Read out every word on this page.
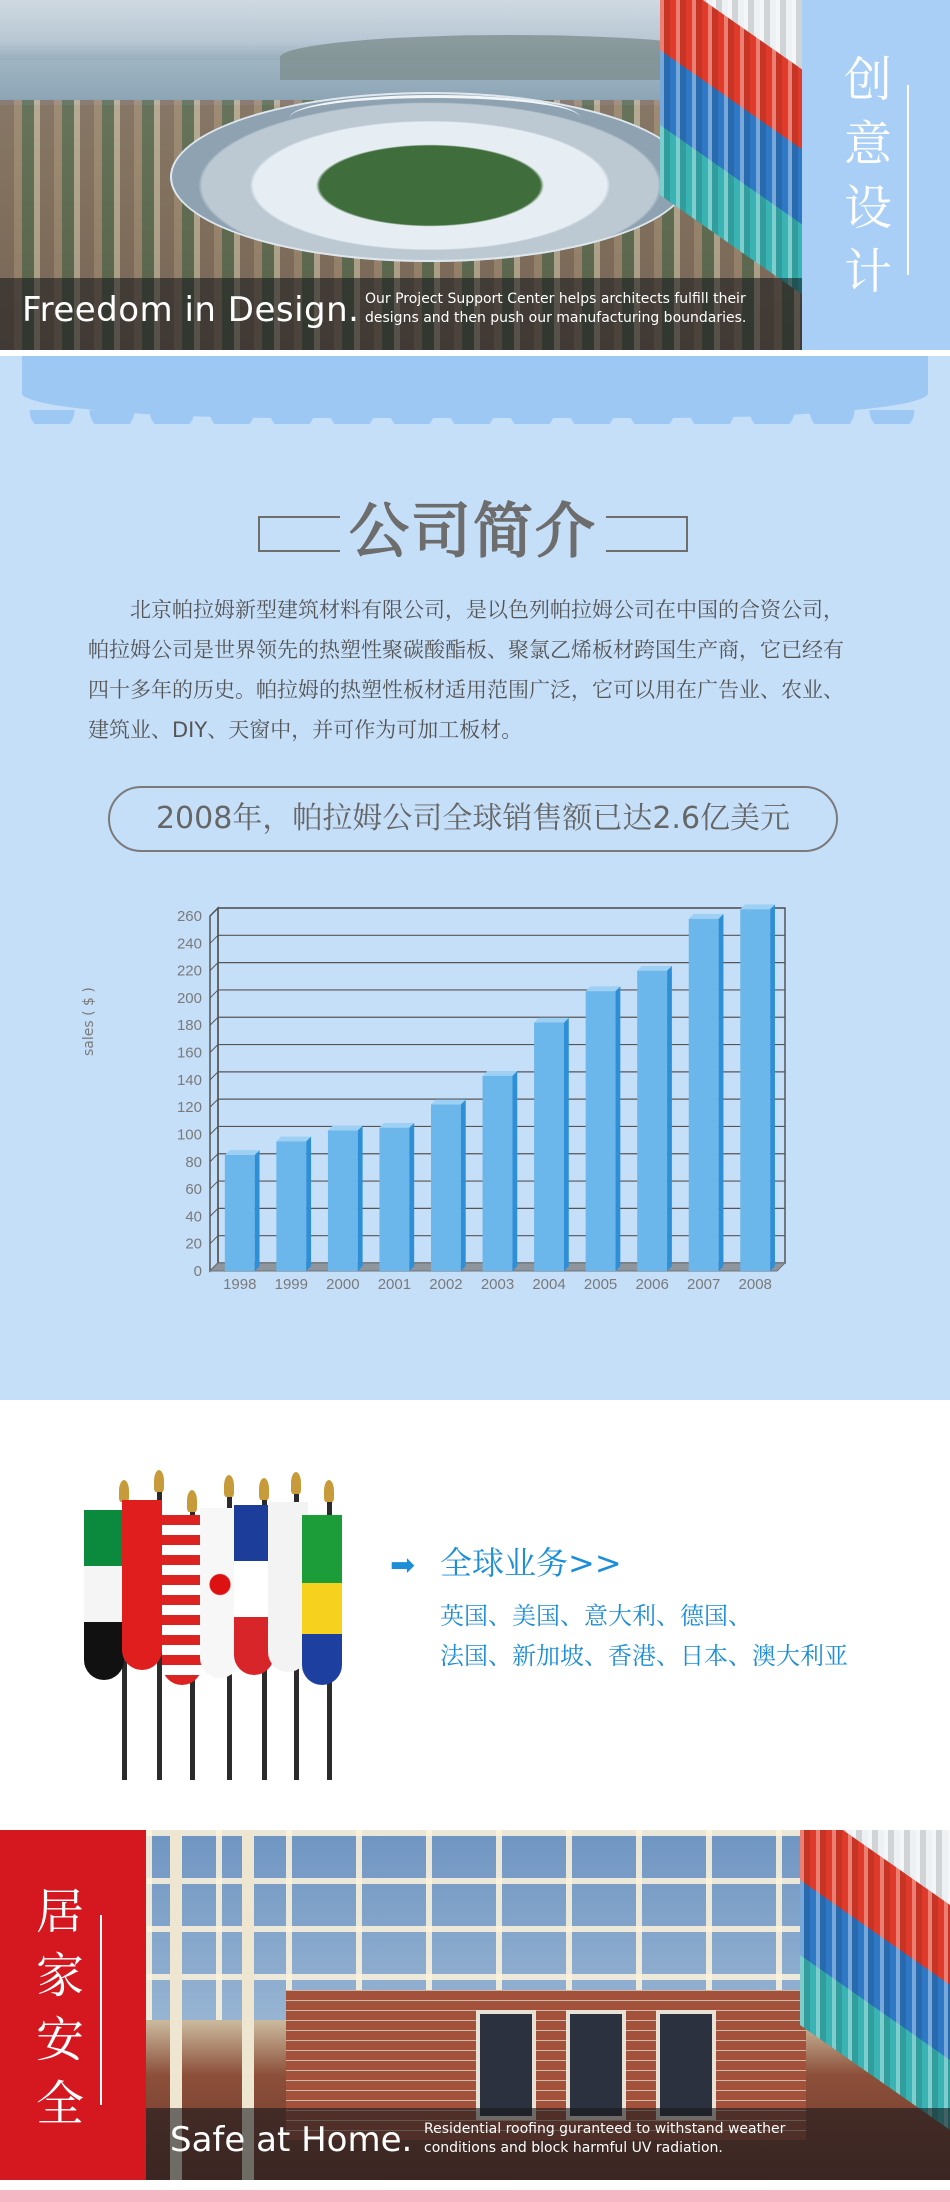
Freedom in Design. Our Project Support Center helps architects fulfill their designs and then push our manufacturing boundaries.
创意设计
公司简介

北京帕拉姆新型建筑材料有限公司，是以色列帕拉姆公司在中国的合资公司，帕拉姆公司是世界领先的热塑性聚碳酸酯板、聚氯乙烯板材跨国生产商，它已经有四十多年的历史。帕拉姆的热塑性板材适用范围广泛，它可以用在广告业、农业、建筑业、DIY、天窗中，并可作为可加工板材。

2008年，帕拉姆公司全球销售额已达2.6亿美元
0
20
40
60
80
100
120
140
160
180
200
220
240
260
1998 1999 2000 2001 2002 2003 2004 2005 2006 2007 2008
sales ( $ )
➡ 全球业务>>
英国、美国、意大利、德国、
法国、新加坡、香港、日本、澳大利亚
Safe at Home. Residential roofing guranteed to withstand weather conditions and block harmful UV radiation.
居家安全
